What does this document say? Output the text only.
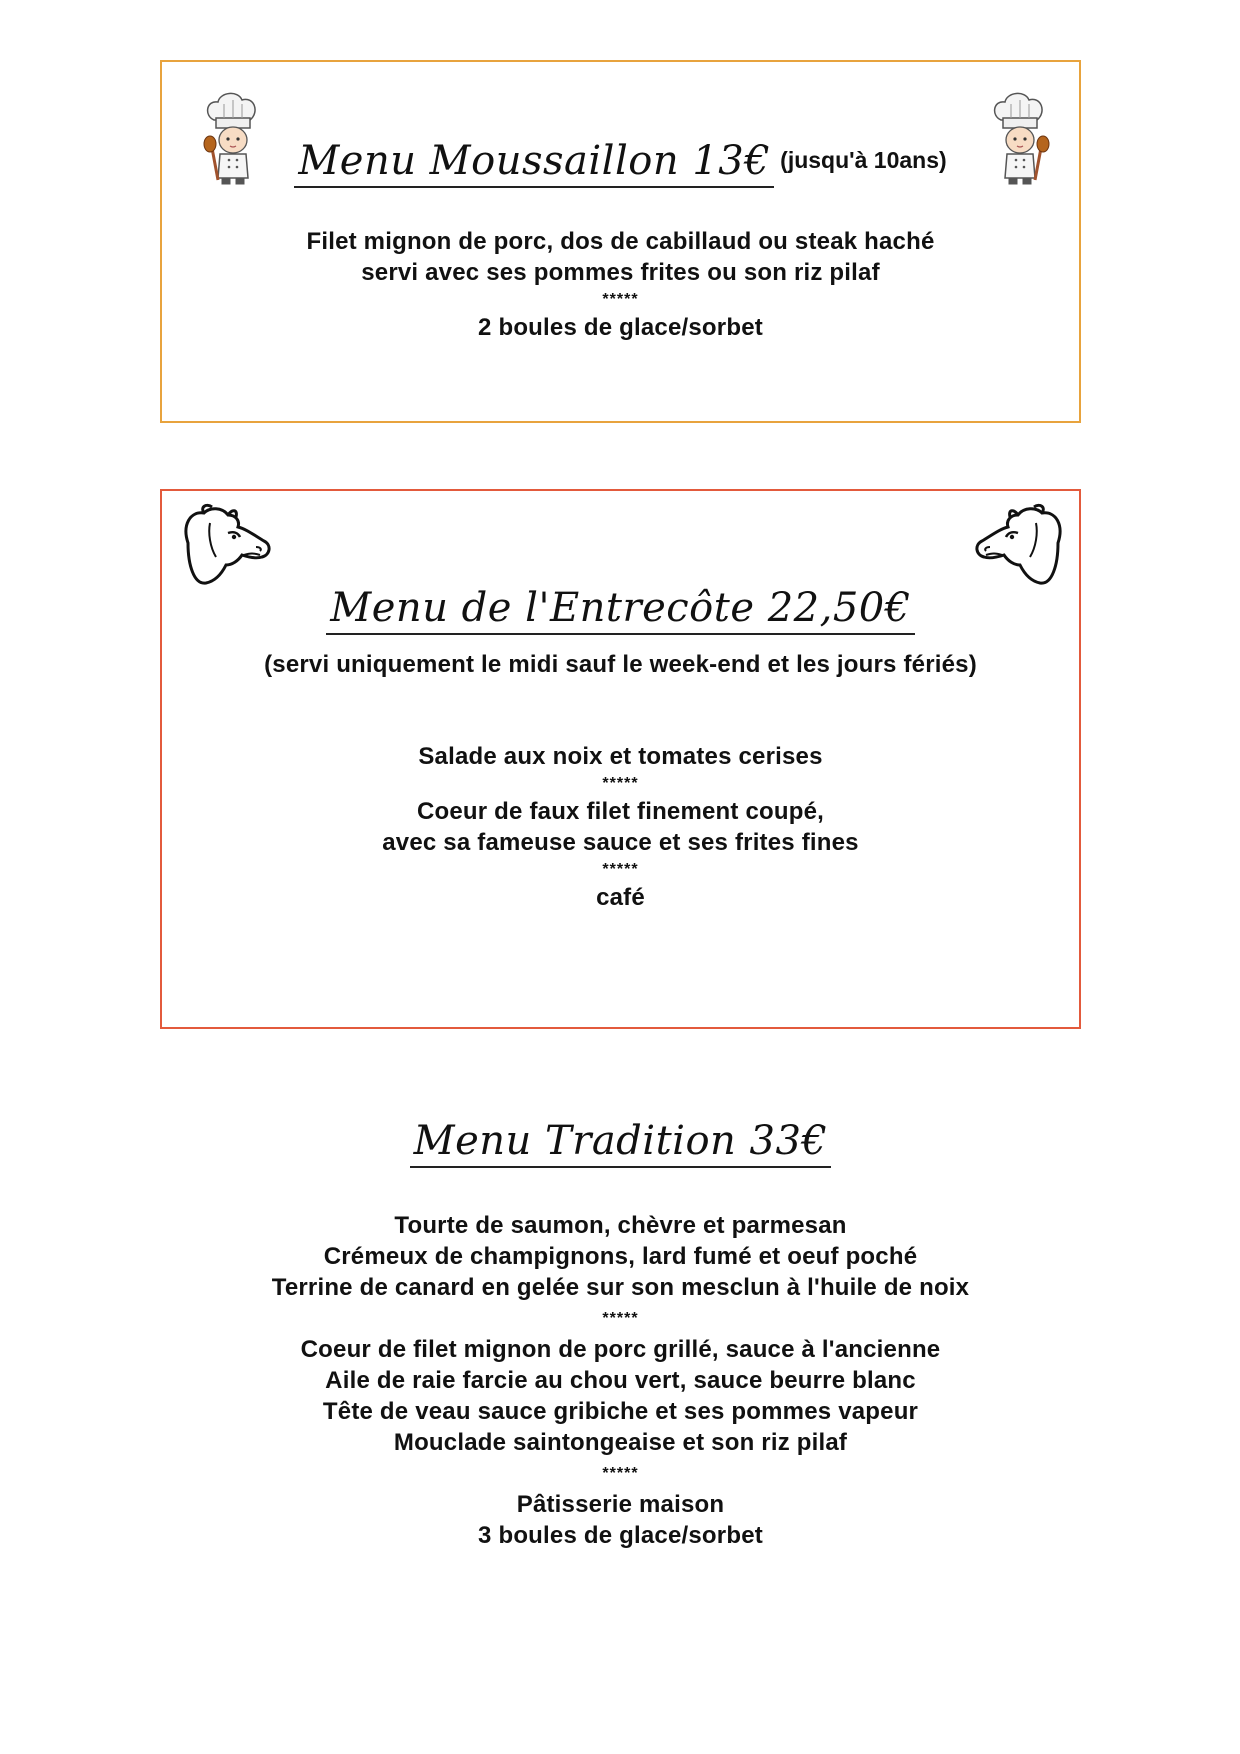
Menu Moussaillon 13€ (jusqu'à 10ans)
Filet mignon de porc, dos de cabillaud ou steak haché
servi avec ses pommes frites ou son riz pilaf
*****
2 boules de glace/sorbet
Menu de l'Entrecôte 22,50€
(servi uniquement le midi sauf le week-end et les jours fériés)
Salade aux noix et tomates cerises
*****
Coeur de faux filet finement coupé,
avec sa fameuse sauce et ses frites fines
*****
café
Menu Tradition 33€
Tourte de saumon, chèvre et parmesan
Crémeux de champignons, lard fumé et oeuf poché
Terrine de canard en gelée sur son mesclun à l'huile de noix
*****
Coeur de filet mignon de porc grillé, sauce à l'ancienne
Aile de raie farcie au chou vert, sauce beurre blanc
Tête de veau sauce gribiche et ses pommes vapeur
Mouclade saintongeaise et son riz pilaf
*****
Pâtisserie maison
3 boules de glace/sorbet
